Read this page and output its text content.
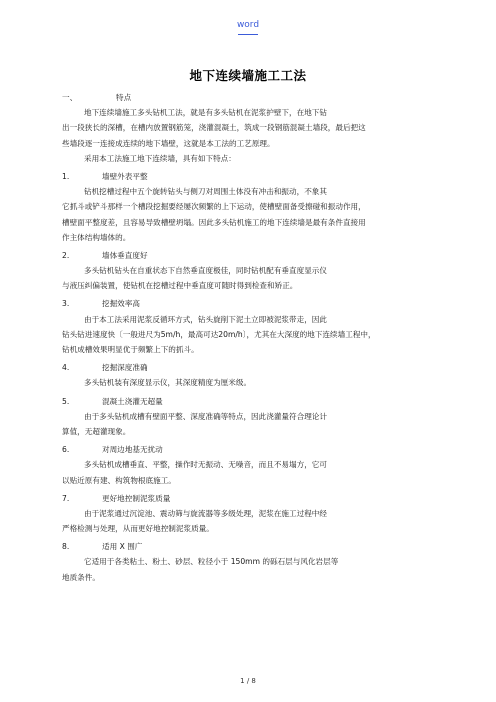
word
地下连续墙施工工法
一、	特点
地下连续墙施工多头钻机工法，就是有多头钻机在泥浆护壁下，在地下钻
出一段狭长的深槽，在槽内放置钢筋笼，浇灌混凝土，筑成一段钢筋混凝土墙段，最后把这
些墙段逐一连接成连续的地下墙壁，这就是本工法的工艺原理。
采用本工法施工地下连续墙，具有如下特点：
1.	墙壁外表平整
钻机挖槽过程中五个旋转钻头与侧刀对周围土体没有冲击和振动，不象其
它抓斗或铲斗那样一个槽段挖掘要经屡次频繁的上下运动，使槽壁面备受擦碰和振动作用，
槽壁面平整度差，且容易导致槽壁坍塌。因此多头钻机施工的地下连续墙是最有条件直接用
作主体结构墙体的。
2.	墙体垂直度好
多头钻机钻头在自重状态下自然垂直度极佳，同时钻机配有垂直度显示仪
与液压纠偏装置，使钻机在挖槽过程中垂直度可随时得到检查和矫正。
3.	挖掘效率高
由于本工法采用泥浆反循环方式，钻头旋削下泥土立即被泥浆带走，因此
钻头钻进速度快〔一般进尺为5m/h，最高可达20m/h〕，尤其在大深度的地下连续墙工程中，
钻机成槽效果明显优于频繁上下的抓斗。
4.	挖掘深度准确
多头钻机装有深度显示仪，其深度精度为厘米级。
5.	混凝土浇灌无超量
由于多头钻机成槽有壁面平整、深度准确等特点，因此浇灌量符合理论计
算值，无超灌现象。
6.	对周边地基无扰动
多头钻机成槽垂直、平整，操作时无振动、无噪音，而且不易塌方，它可
以贴近原有建、构筑物根底施工。
7.	更好地控制泥浆质量
由于泥浆通过沉淀池、震动筛与旋流器等多级处理，泥浆在施工过程中经
严格检测与处理，从而更好地控制泥浆质量。
8.	适用 X 围广
它适用于各类粘土、粉土、砂层、粒径小于 150mm 的砾石层与风化岩层等
地质条件。
1 / 8
